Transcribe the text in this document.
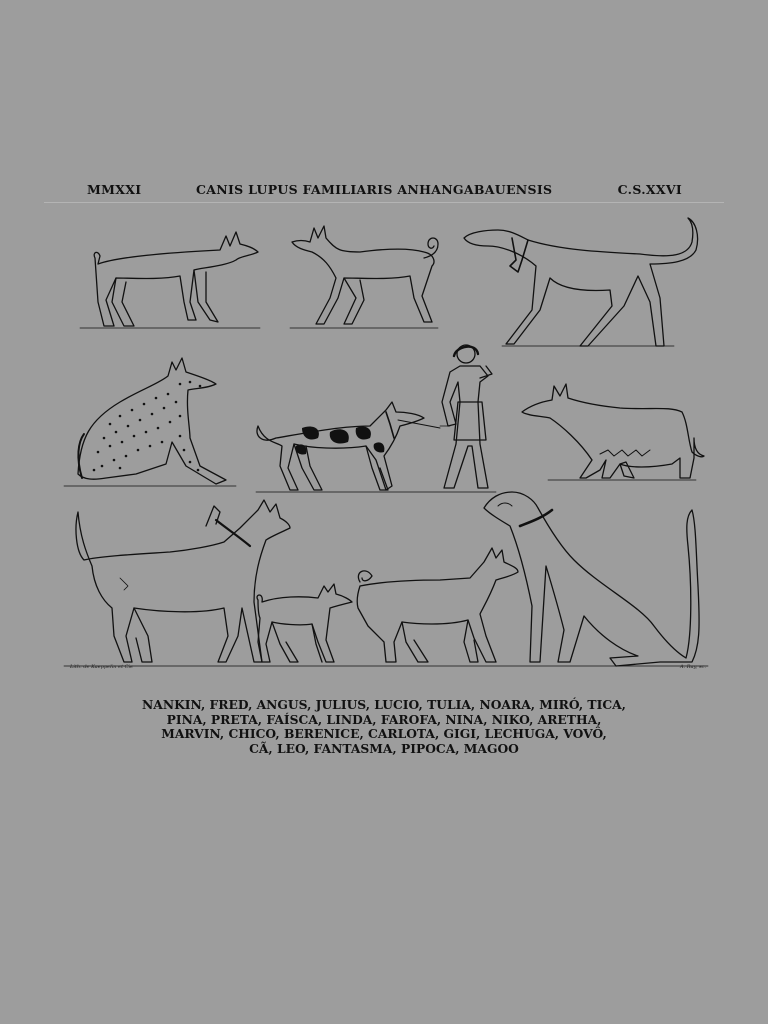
MMXXI	CANIS LUPUS FAMILIARIS ANHANGABAUENSIS	C.S.XXVI
Lith. de Kaeppelin et Cie	A. Ray, sc.
NANKIN, FRED, ANGUS, JULIUS, LUCIO, TULIA, NOARA, MIRÓ, TICA,
PINA, PRETA, FAÍSCA, LINDA, FAROFA, NINA, NIKO, ARETHA,
MARVIN, CHICO, BERENICE, CARLOTA, GIGI, LECHUGA, VOVÔ,
CÃ, LEO, FANTASMA, PIPOCA, MAGOO
